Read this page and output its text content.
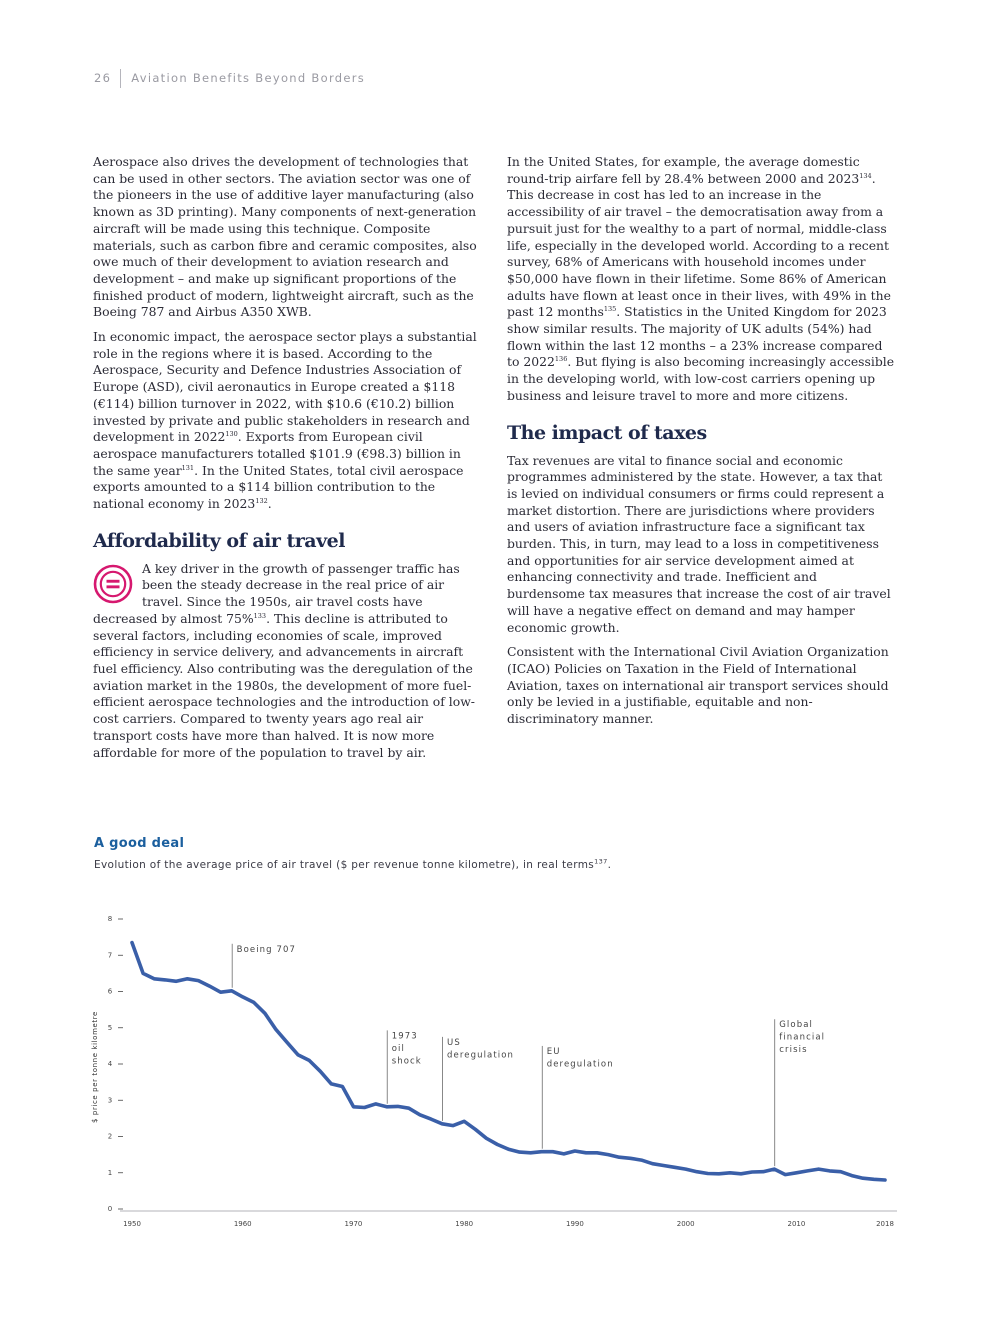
26 Aviation Benefits Beyond Borders

Aerospace also drives the development of technologies that can be used in other sectors. The aviation sector was one of the pioneers in the use of additive layer manufacturing (also known as 3D printing). Many components of next-generation aircraft will be made using this technique. Composite materials, such as carbon fibre and ceramic composites, also owe much of their development to aviation research and development – and make up significant proportions of the finished product of modern, lightweight aircraft, such as the Boeing 787 and Airbus A350 XWB.

In economic impact, the aerospace sector plays a substantial role in the regions where it is based. According to the Aerospace, Security and Defence Industries Association of Europe (ASD), civil aeronautics in Europe created a $118 (€114) billion turnover in 2022, with $10.6 (€10.2) billion invested by private and public stakeholders in research and development in 2022$^{130}$. Exports from European civil aerospace manufacturers totalled $101.9 (€98.3) billion in the same year$^{131}$. In the United States, total civil aerospace exports amounted to a $114 billion contribution to the national economy in 2023$^{132}$.

Affordability of air travel

A key driver in the growth of passenger traffic has been the steady decrease in the real price of air travel. Since the 1950s, air travel costs have decreased by almost 75%$^{133}$. This decline is attributed to several factors, including economies of scale, improved efficiency in service delivery, and advancements in aircraft fuel efficiency. Also contributing was the deregulation of the aviation market in the 1980s, the development of more fuel-efficient aerospace technologies and the introduction of low-cost carriers. Compared to twenty years ago real air transport costs have more than halved. It is now more affordable for more of the population to travel by air.

In the United States, for example, the average domestic round-trip airfare fell by 28.4% between 2000 and 2023$^{134}$. This decrease in cost has led to an increase in the accessibility of air travel – the democratisation away from a pursuit just for the wealthy to a part of normal, middle-class life, especially in the developed world. According to a recent survey, 68% of Americans with household incomes under $50,000 have flown in their lifetime. Some 86% of American adults have flown at least once in their lives, with 49% in the past 12 months$^{135}$. Statistics in the United Kingdom for 2023 show similar results. The majority of UK adults (54%) had flown within the last 12 months – a 23% increase compared to 2022$^{136}$. But flying is also becoming increasingly accessible in the developing world, with low-cost carriers opening up business and leisure travel to more and more citizens.

The impact of taxes

Tax revenues are vital to finance social and economic programmes administered by the state. However, a tax that is levied on individual consumers or firms could represent a market distortion. There are jurisdictions where providers and users of aviation infrastructure face a significant tax burden. This, in turn, may lead to a loss in competitiveness and opportunities for air service development aimed at enhancing connectivity and trade. Inefficient and burdensome tax measures that increase the cost of air travel will have a negative effect on demand and may hamper economic growth.

Consistent with the International Civil Aviation Organization (ICAO) Policies on Taxation in the Field of International Aviation, taxes on international air transport services should only be levied in a justifiable, equitable and non-discriminatory manner.

A good deal
Evolution of the average price of air travel ($ per revenue tonne kilometre), in real terms$^{137}$.
0
1
2
3
4
5
6
7
8
1950	1960	1970	1980	1990	2000	2010	2018
$ price per tonne kilometre
Boeing 707
1973
oil
shock
US
deregulation	EU
deregulation
Global
financial
crisis
